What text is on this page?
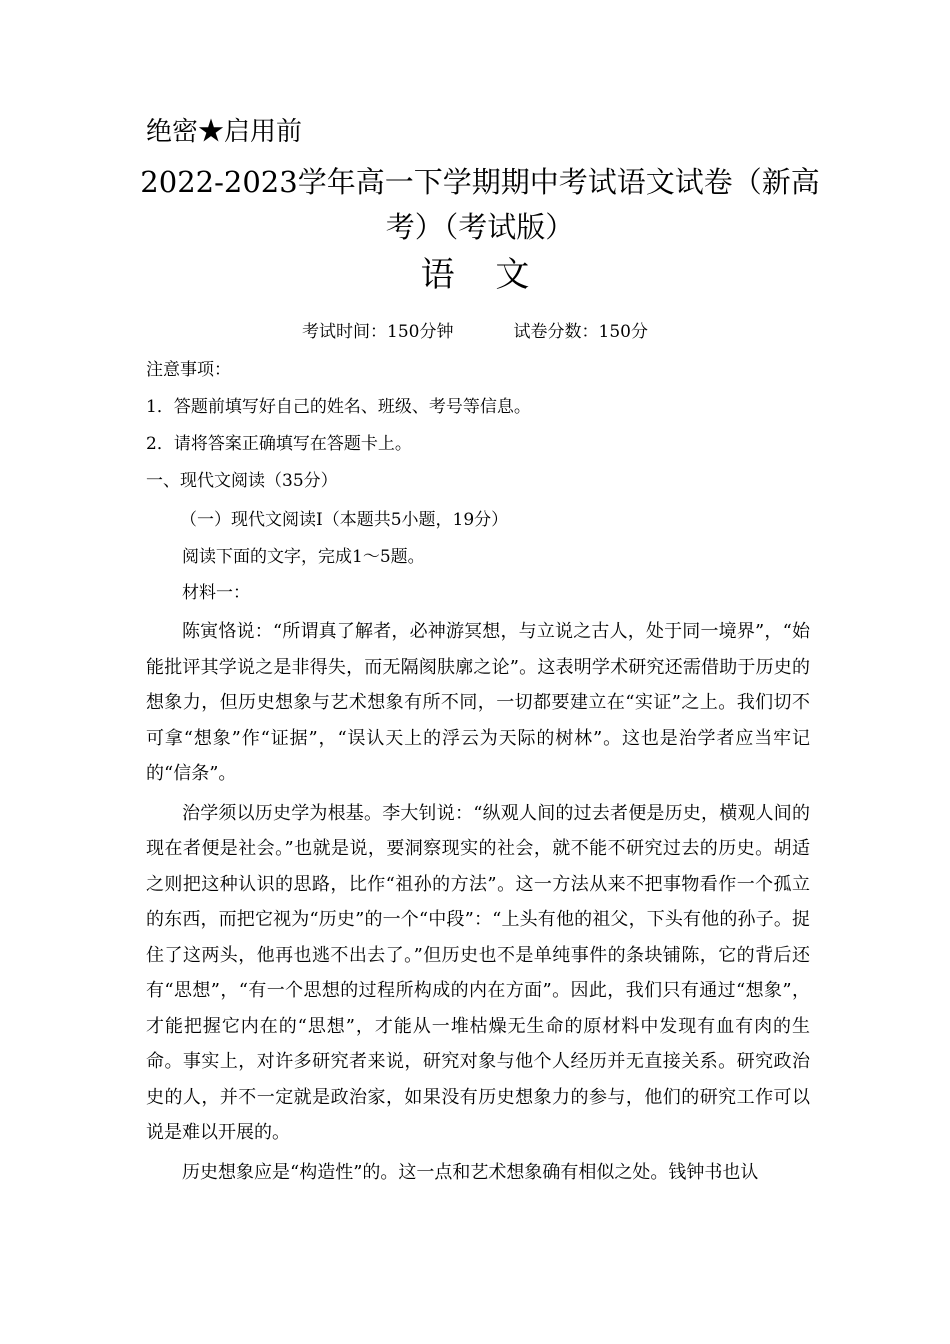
绝密★启用前
2022-2023学年高一下学期期中考试语文试卷（新高考）（考试版）
语文
考试时间：150分钟	试卷分数：150分
注意事项：
1．答题前填写好自己的姓名、班级、考号等信息。
2．请将答案正确填写在答题卡上。
一、现代文阅读（35分）
（一）现代文阅读Ⅰ（本题共5小题，19分）
阅读下面的文字，完成1～5题。
材料一：

陈寅恪说：“所谓真了解者，必神游冥想，与立说之古人，处于同一境界”，“始能批评其学说之是非得失，而无隔阂肤廓之论”。这表明学术研究还需借助于历史的想象力，但历史想象与艺术想象有所不同，一切都要建立在“实证”之上。我们切不可拿“想象”作“证据”，“误认天上的浮云为天际的树林”。这也是治学者应当牢记的“信条”。

治学须以历史学为根基。李大钊说：“纵观人间的过去者便是历史，横观人间的现在者便是社会。”也就是说，要洞察现实的社会，就不能不研究过去的历史。胡适之则把这种认识的思路，比作“祖孙的方法”。这一方法从来不把事物看作一个孤立的东西，而把它视为“历史”的一个“中段”：“上头有他的祖父，下头有他的孙子。捉住了这两头，他再也逃不出去了。”但历史也不是单纯事件的条块铺陈，它的背后还有“思想”，“有一个思想的过程所构成的内在方面”。因此，我们只有通过“想象”，才能把握它内在的“思想”，才能从一堆枯燥无生命的原材料中发现有血有肉的生命。事实上，对许多研究者来说，研究对象与他个人经历并无直接关系。研究政治史的人，并不一定就是政治家，如果没有历史想象力的参与，他们的研究工作可以说是难以开展的。

历史想象应是“构造性”的。这一点和艺术想象确有相似之处。钱钟书也认
